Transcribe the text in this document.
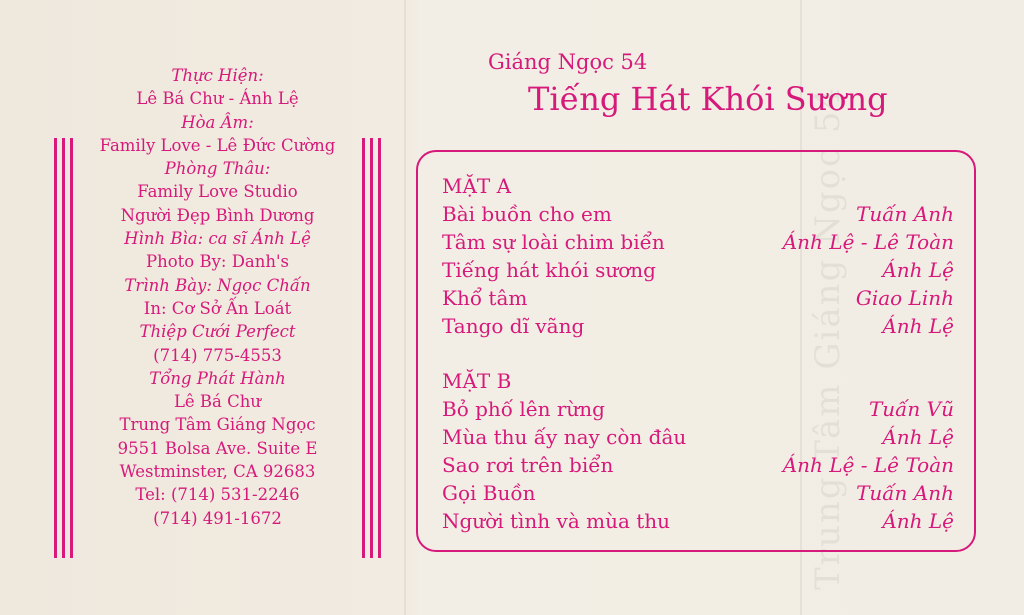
Trung Tâm Giáng Ngọc 54
Thực Hiện:
Lê Bá Chư - Ánh Lệ
Hòa Âm:
Family Love - Lê Đức Cường
Phòng Thâu:
Family Love Studio
Người Đẹp Bình Dương
Hình Bìa: ca sĩ Ánh Lệ
Photo By: Danh's
Trình Bày: Ngọc Chấn
In: Cơ Sở Ấn Loát
Thiệp Cưới Perfect
(714) 775-4553
Tổng Phát Hành
Lê Bá Chư
Trung Tâm Giáng Ngọc
9551 Bolsa Ave. Suite E
Westminster, CA 92683
Tel: (714) 531-2246
(714) 491-1672
Giáng Ngọc 54
Tiếng Hát Khói Sương
MẶT A
Bài buồn cho em	Tuấn Anh
Tâm sự loài chim biển	Ánh Lệ - Lê Toàn
Tiếng hát khói sương	Ánh Lệ
Khổ tâm	Giao Linh
Tango dĩ vãng	Ánh Lệ
MẶT B
Bỏ phố lên rừng	Tuấn Vũ
Mùa thu ấy nay còn đâu	Ánh Lệ
Sao rơi trên biển	Ánh Lệ - Lê Toàn
Gọi Buồn	Tuấn Anh
Người tình và mùa thu	Ánh Lệ
